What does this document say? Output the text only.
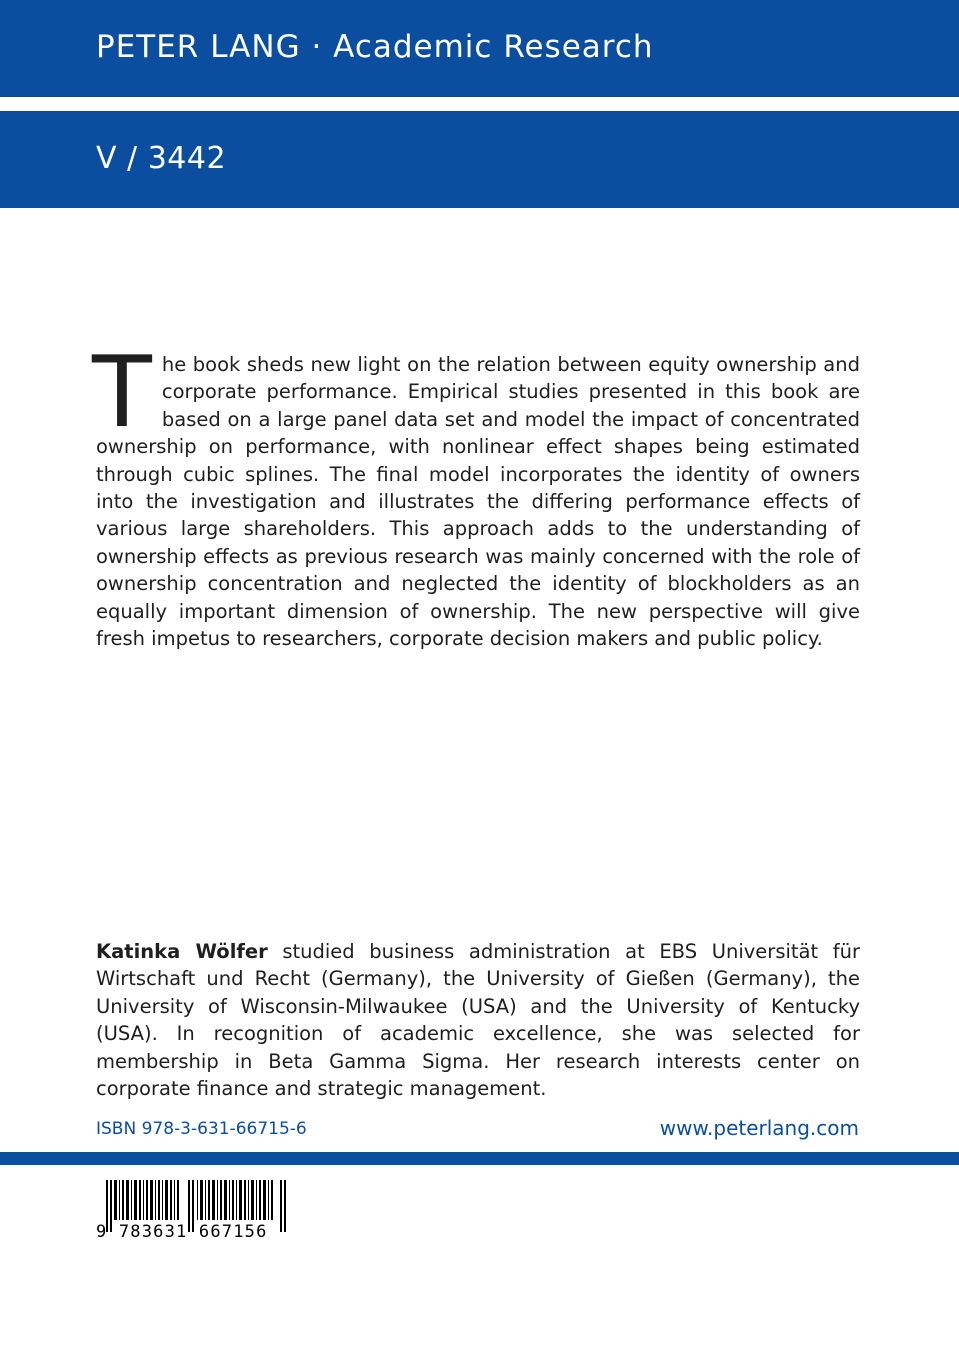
PETER LANG · Academic Research
V / 3442

The book sheds new light on the relation between equity ownership and corporate performance. Empirical studies presented in this book are based on a large panel data set and model the impact of concentrated ownership on performance, with nonlinear effect shapes being estimated through cubic splines. The final model incorporates the identity of owners into the investigation and illustrates the differing performance effects of various large shareholders. This approach adds to the understanding of ownership effects as previous research was mainly concerned with the role of ownership concentration and neglected the identity of blockholders as an equally important dimension of ownership. The new perspective will give fresh impetus to researchers, corporate decision makers and public policy.

Katinka Wölfer studied business administration at EBS Universität für Wirtschaft und Recht (Germany), the University of Gießen (Germany), the University of Wisconsin-Milwaukee (USA) and the University of Kentucky (USA). In recognition of academic excellence, she was selected for membership in Beta Gamma Sigma. Her research interests center on corporate finance and strategic management.

ISBN 978-3-631-66715-6	www.peterlang.com
9 783631 667156
